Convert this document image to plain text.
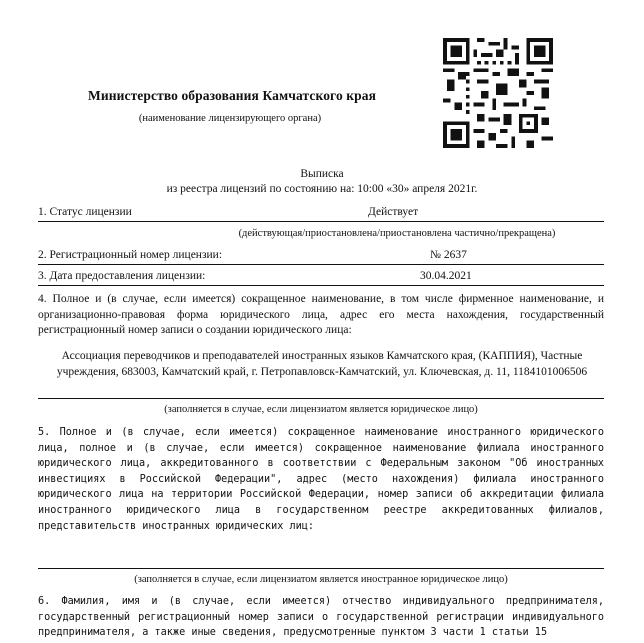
Министерство образования Камчатского края
(наименование лицензирующего органа)
Выписка
из реестра лицензий по состоянию на: 10:00 «30» апреля 2021г.
1. Статус лицензии	Действует
(действующая/приостановлена/приостановлена частично/прекращена)
2. Регистрационный номер лицензии:	№ 2637
3. Дата предоставления лицензии:	30.04.2021
4. Полное и (в случае, если имеется) сокращенное наименование, в том числе фирменное наименование, и организационно-правовая форма юридического лица, адрес его места нахождения, государственный регистрационный номер записи о создании юридического лица:
Ассоциация переводчиков и преподавателей иностранных языков Камчатского края, (КАППИЯ), Частные учреждения, 683003, Камчатский край, г. Петропавловск-Камчатский, ул. Ключевская, д. 11, 1184101006506
(заполняется в случае, если лицензиатом является юридическое лицо)
5. Полное и (в случае, если имеется) сокращенное наименование иностранного юридического лица, полное и (в случае, если имеется) сокращенное наименование филиала иностранного юридического лица, аккредитованного в соответствии с Федеральным законом "Об иностранных инвестициях в Российской Федерации", адрес (место нахождения) филиала иностранного юридического лица на территории Российской Федерации, номер записи об аккредитации филиала иностранного юридического лица в государственном реестре аккредитованных филиалов, представительств иностранных юридических лиц:
(заполняется в случае, если лицензиатом является иностранное юридическое лицо)
6. Фамилия, имя и (в случае, если имеется) отчество индивидуального предпринимателя, государственный регистрационный номер записи о государственной регистрации индивидуального предпринимателя, а также иные сведения, предусмотренные пунктом 3 части 1 статьи 15
